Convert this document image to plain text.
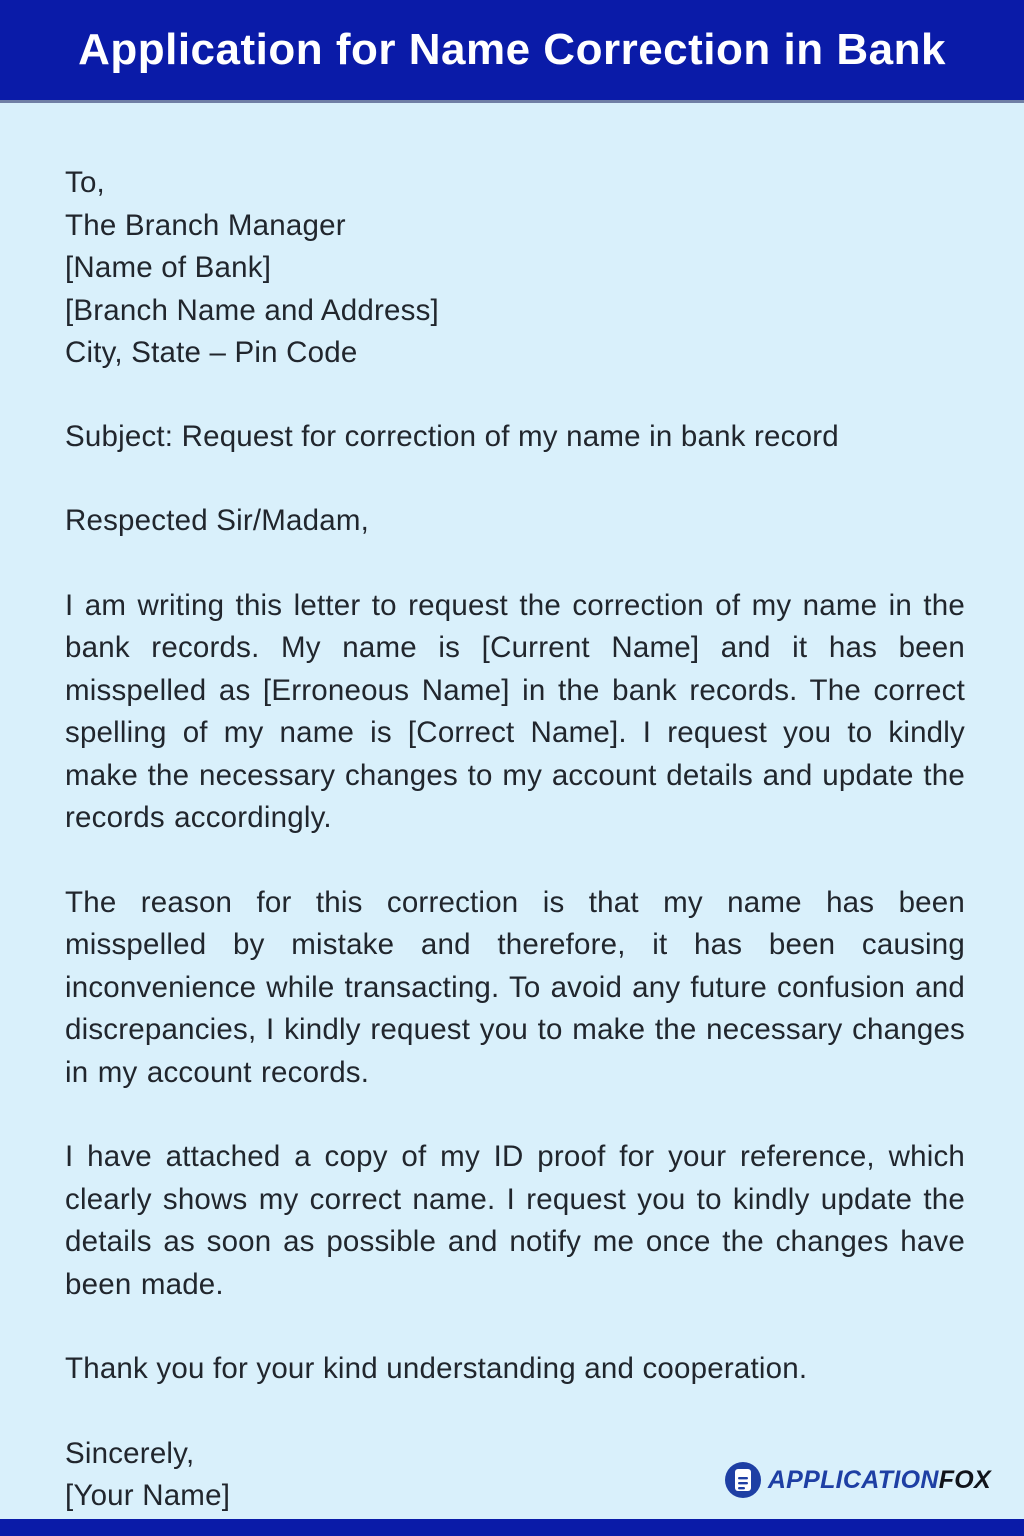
Application for Name Correction in Bank
To,
The Branch Manager
[Name of Bank]
[Branch Name and Address]
City, State – Pin Code
Subject: Request for correction of my name in bank record
Respected Sir/Madam,

I am writing this letter to request the correction of my name in the bank records. My name is [Current Name] and it has been misspelled as [Erroneous Name] in the bank records. The correct spelling of my name is [Correct Name]. I request you to kindly make the necessary changes to my account details and update the records accordingly.

The reason for this correction is that my name has been misspelled by mistake and therefore, it has been causing inconvenience while transacting. To avoid any future confusion and discrepancies, I kindly request you to make the necessary changes in my account records.

I have attached a copy of my ID proof for your reference, which clearly shows my correct name. I request you to kindly update the details as soon as possible and notify me once the changes have been made.

Thank you for your kind understanding and cooperation.
Sincerely,
[Your Name]	APPLICATIONFOX
